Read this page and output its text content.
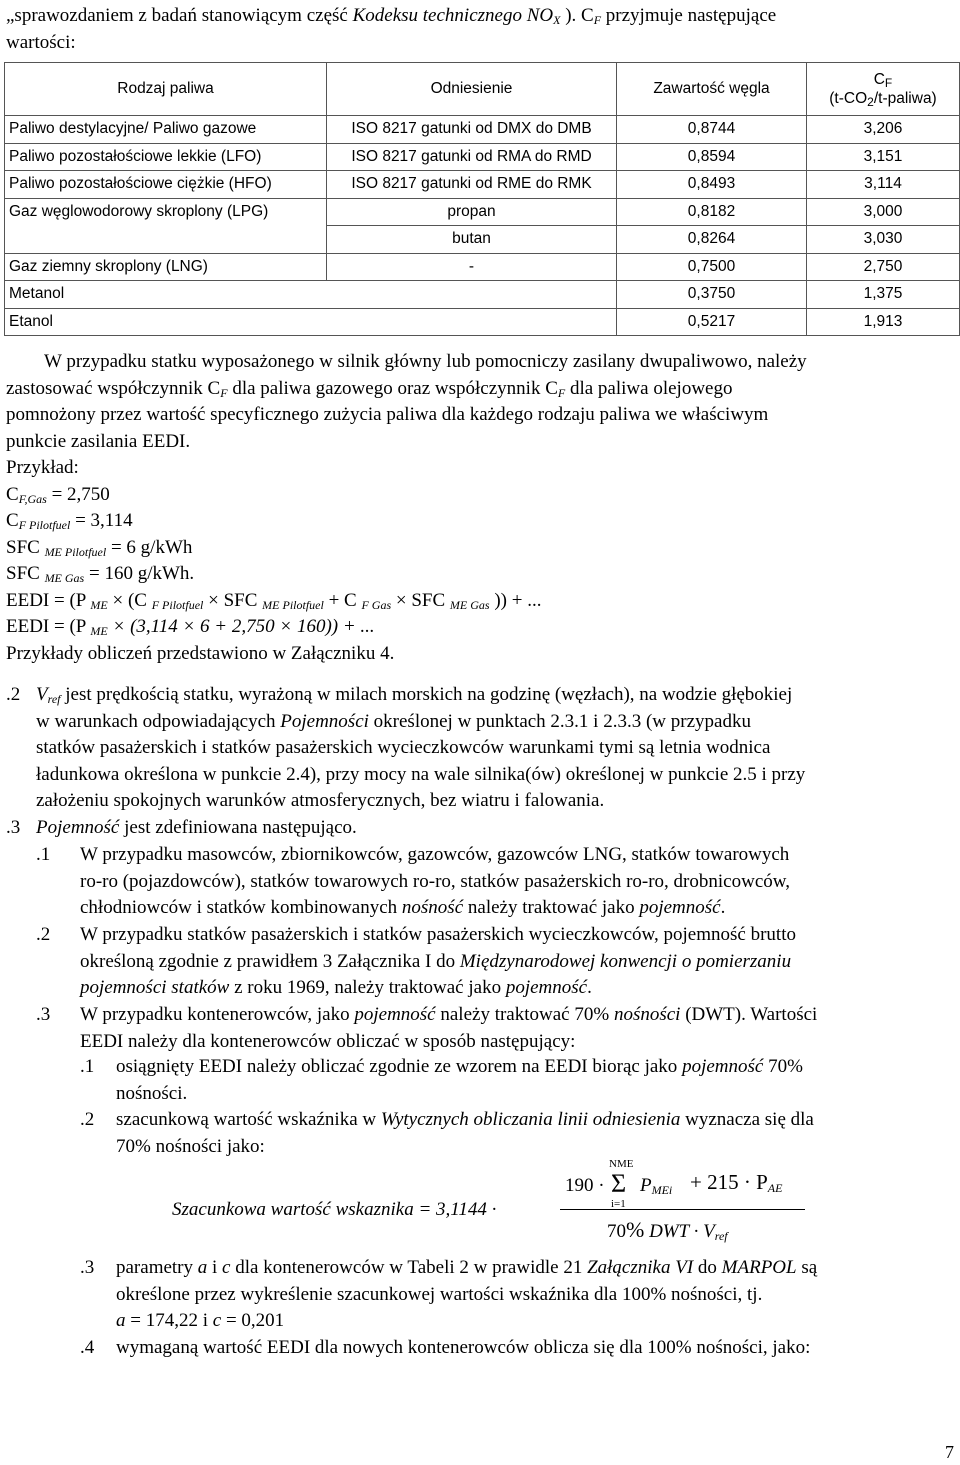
„sprawozdaniem z badań stanowiącym część Kodeksu technicznego $NO_X$ ). $C_F$ przyjmuje następujące
wartości:
Rodzaj paliwa	Odniesienie	Zawartość węgla	$C_F$
$(t-CO_2/t-paliwa)$
Paliwo destylacyjne/ Paliwo gazowe	ISO 8217 gatunki od DMX do DMB	0,8744	3,206
Paliwo pozostałościowe lekkie (LFO)	ISO 8217 gatunki od RMA do RMD	0,8594	3,151
Paliwo pozostałościowe ciężkie (HFO)	ISO 8217 gatunki od RME do RMK	0,8493	3,114
Gaz węglowodorowy skroplony (LPG)	propan	0,8182	3,000
	butan	0,8264	3,030
Gaz ziemny skroplony (LNG)	-	0,7500	2,750
Metanol		0,3750	1,375
Etanol		0,5217	1,913
W przypadku statku wyposażonego w silnik główny lub pomocniczy zasilany dwupaliwowo, należy
zastosować współczynnik $C_F$ dla paliwa gazowego oraz współczynnik $C_F$ dla paliwa olejowego
pomnożony przez wartość specyficznego zużycia paliwa dla każdego rodzaju paliwa we właściwym
punkcie zasilania EEDI.
Przykład:
$C_{F,Gas} = 2,750$
$C_{F Pilotfuel} = 3,114$
SFC $_{ME Pilotfuel}$ = 6 g/kWh
SFC $_{ME Gas}$ = 160 g/kWh.
EEDI = (P $_{ME}$ × (C $_{F Pilotfuel}$ × SFC $_{ME Pilotfuel}$ + C $_{F Gas}$ × SFC $_{ME Gas}$ )) + ...
EEDI = (P $_{ME}$ × (3,114 × 6 + 2,750 × 160)) + ...
Przykłady obliczeń przedstawiono w Załączniku 4.
.2 $V_{ref}$ jest prędkością statku, wyrażoną w milach morskich na godzinę (węzłach), na wodzie głębokiej
w warunkach odpowiadających Pojemności określonej w punktach 2.3.1 i 2.3.3 (w przypadku
statków pasażerskich i statków pasażerskich wycieczkowców warunkami tymi są letnia wodnica
ładunkowa określona w punkcie 2.4), przy mocy na wale silnika(ów) określonej w punkcie 2.5 i przy
założeniu spokojnych warunków atmosferycznych, bez wiatru i falowania.
.3 Pojemność jest zdefiniowana następująco.
.1 W przypadku masowców, zbiornikowców, gazowców, gazowców LNG, statków towarowych
ro-ro (pojazdowców), statków towarowych ro-ro, statków pasażerskich ro-ro, drobnicowców,
chłodniowców i statków kombinowanych nośność należy traktować jako pojemność.
.2 W przypadku statków pasażerskich i statków pasażerskich wycieczkowców, pojemność brutto
określoną zgodnie z prawidłem 3 Załącznika I do Międzynarodowej konwencji o pomierzaniu
pojemności statków z roku 1969, należy traktować jako pojemność.
.3 W przypadku kontenerowców, jako pojemność należy traktować 70% nośności (DWT). Wartości
EEDI należy dla kontenerowców obliczać w sposób następujący:
.1 osiągnięty EEDI należy obliczać zgodnie ze wzorem na EEDI biorąc jako pojemność 70%
nośności.
.2 szacunkową wartość wskaźnika w Wytycznych obliczania linii odniesienia wyznacza się dla
70% nośności jako:
Szacunkowa wartość wskaznika = 3,1144 ·
190 ·
NME
Σ
i=1
$P_{MEi} + 215 \cdot P_{AE}$
70% DWT · $V_{ref}$
.3 parametry a i c dla kontenerowców w Tabeli 2 w prawidle 21 Załącznika VI do MARPOL są
określone przez wykreślenie szacunkowej wartości wskaźnika dla 100% nośności, tj.
a = 174,22 i c = 0,201
.4 wymaganą wartość EEDI dla nowych kontenerowców oblicza się dla 100% nośności, jako:
7
